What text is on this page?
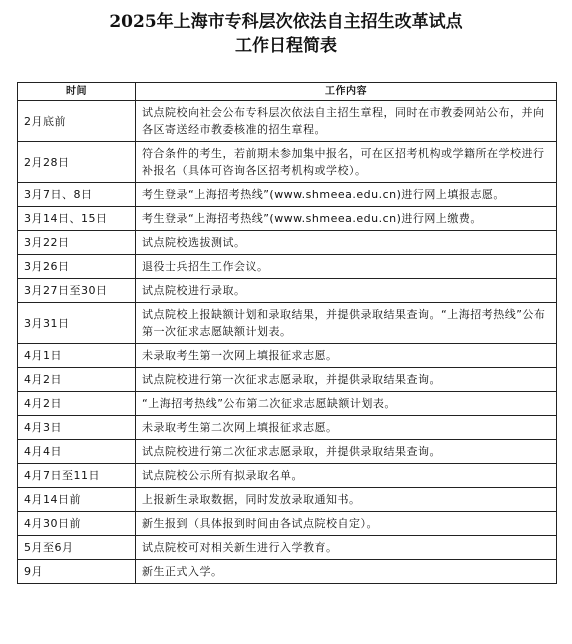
2025年上海市专科层次依法自主招生改革试点
工作日程简表
时间	工作内容
2月底前	试点院校向社会公布专科层次依法自主招生章程，同时在市教委网站公布，并向各区寄送经市教委核准的招生章程。
2月28日	符合条件的考生，若前期未参加集中报名，可在区招考机构或学籍所在学校进行补报名（具体可咨询各区招考机构或学校）。
3月7日、8日	考生登录“上海招考热线”(www.shmeea.edu.cn)进行网上填报志愿。
3月14日、15日	考生登录“上海招考热线”(www.shmeea.edu.cn)进行网上缴费。
3月22日	试点院校选拔测试。
3月26日	退役士兵招生工作会议。
3月27日至30日	试点院校进行录取。
3月31日	试点院校上报缺额计划和录取结果，并提供录取结果查询。“上海招考热线”公布第一次征求志愿缺额计划表。
4月1日	未录取考生第一次网上填报征求志愿。
4月2日	试点院校进行第一次征求志愿录取，并提供录取结果查询。
4月2日	“上海招考热线”公布第二次征求志愿缺额计划表。
4月3日	未录取考生第二次网上填报征求志愿。
4月4日	试点院校进行第二次征求志愿录取，并提供录取结果查询。
4月7日至11日	试点院校公示所有拟录取名单。
4月14日前	上报新生录取数据，同时发放录取通知书。
4月30日前	新生报到（具体报到时间由各试点院校自定）。
5月至6月	试点院校可对相关新生进行入学教育。
9月	新生正式入学。
